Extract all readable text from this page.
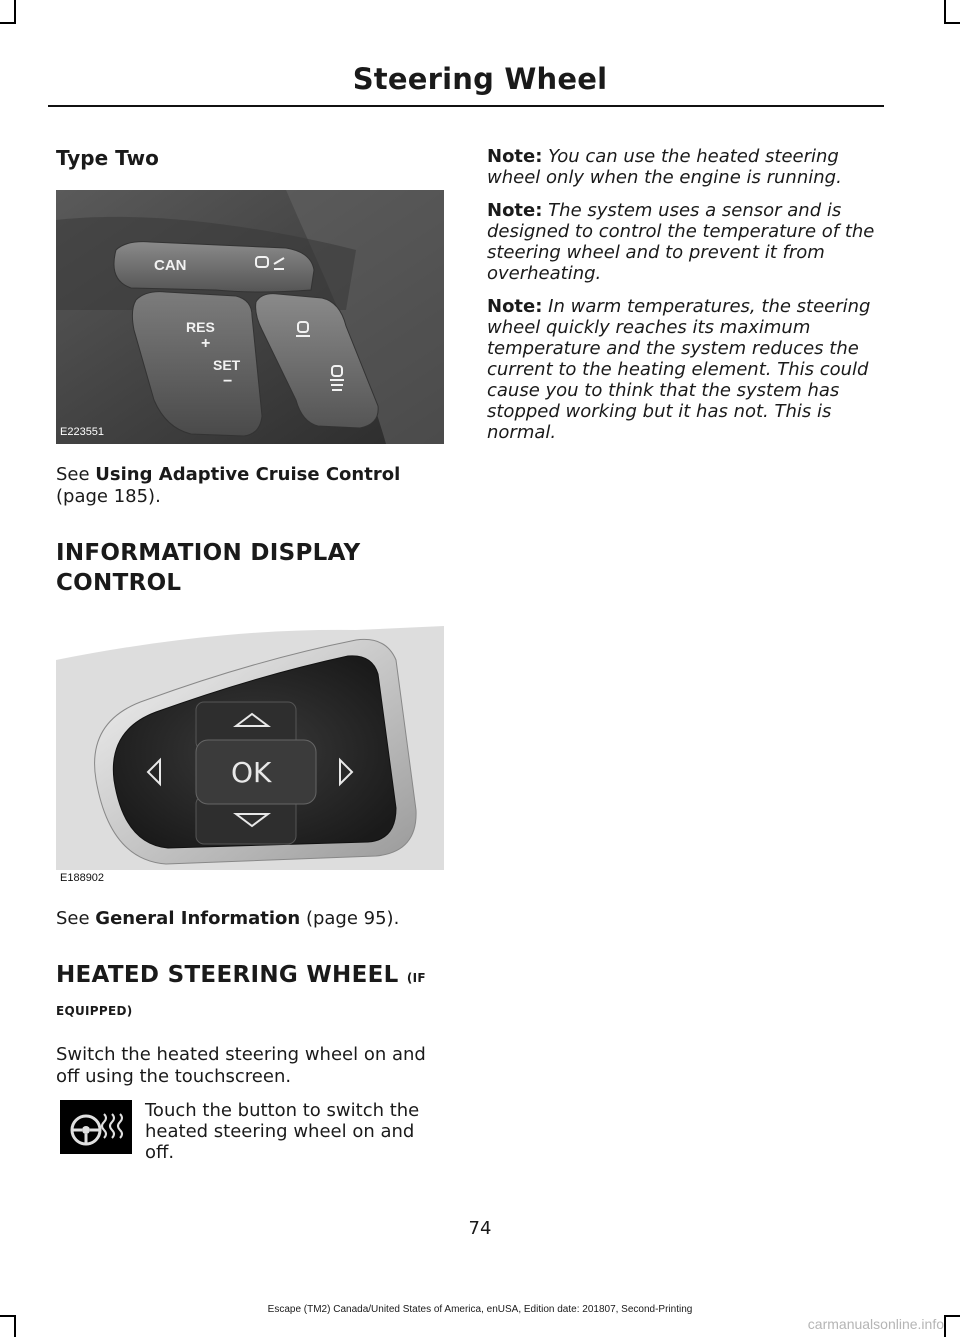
Steering Wheel
Type Two
CAN
RES
+
SET
−
E223551

See Using Adaptive Cruise Control
(page 185).

INFORMATION DISPLAY
CONTROL
OK
E188902

See General Information (page 95).

HEATED STEERING WHEEL (IF
EQUIPPED)

Switch the heated steering wheel on and off using the touchscreen.

Touch the button to switch the heated steering wheel on and off.

Note: You can use the heated steering wheel only when the engine is running.

Note: The system uses a sensor and is designed to control the temperature of the steering wheel and to prevent it from overheating.

Note: In warm temperatures, the steering wheel quickly reaches its maximum temperature and the system reduces the current to the heating element. This could cause you to think that the system has stopped working but it has not. This is normal.

74
Escape (TM2) Canada/United States of America, enUSA, Edition date: 201807, Second-Printing
carmanualsonline.info
